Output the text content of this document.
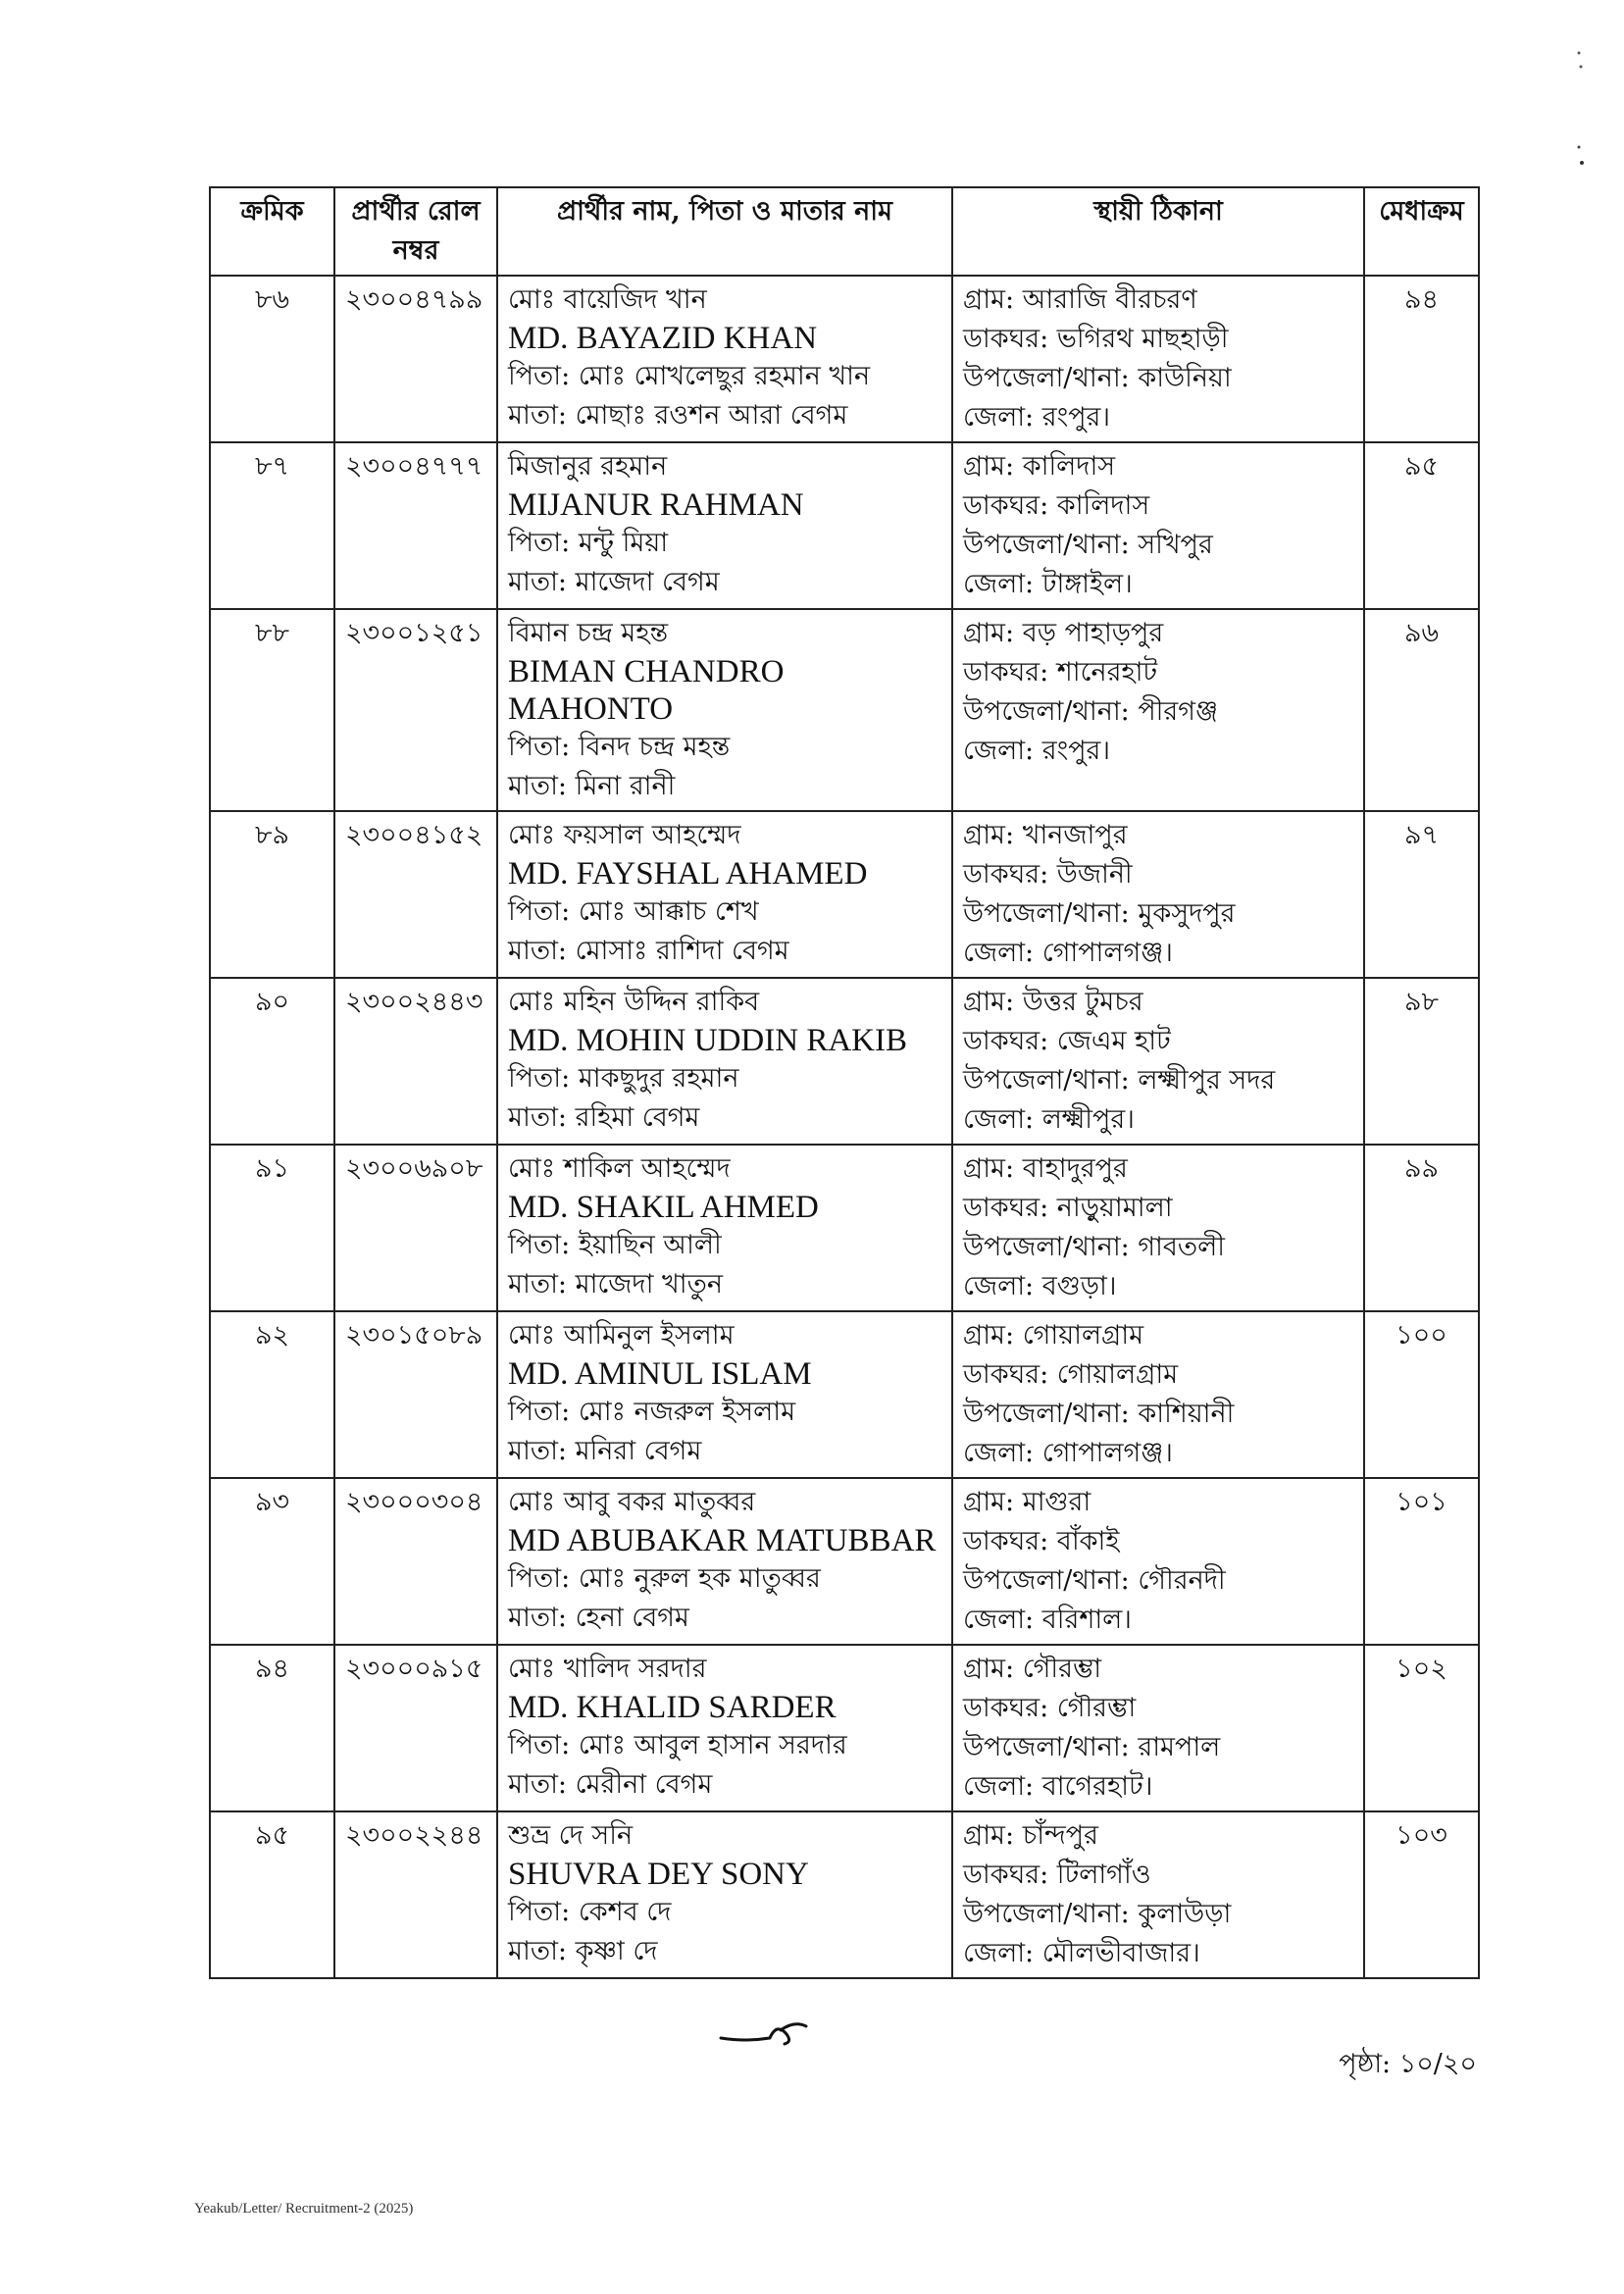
ক্রমিক	প্রার্থীর রোল নম্বর	প্রার্থীর নাম, পিতা ও মাতার নাম	স্থায়ী ঠিকানা	মেধাক্রম

৮৬	২৩০০৪৭৯৯	মোঃ বায়েজিদ খান
MD. BAYAZID KHAN
পিতা: মোঃ মোখলেছুর রহমান খান
মাতা: মোছাঃ রওশন আরা বেগম	গ্রাম: আরাজি বীরচরণ
ডাকঘর: ভগিরথ মাছহাড়ী
উপজেলা/থানা: কাউনিয়া
জেলা: রংপুর।	৯৪

৮৭	২৩০০৪৭৭৭	মিজানুর রহমান
MIJANUR RAHMAN
পিতা: মন্টু মিয়া
মাতা: মাজেদা বেগম	গ্রাম: কালিদাস
ডাকঘর: কালিদাস
উপজেলা/থানা: সখিপুর
জেলা: টাঙ্গাইল।	৯৫

৮৮	২৩০০১২৫১	বিমান চন্দ্র মহন্ত
BIMAN CHANDRO MAHONTO
পিতা: বিনদ চন্দ্র মহন্ত
মাতা: মিনা রানী	গ্রাম: বড় পাহাড়পুর
ডাকঘর: শানেরহাট
উপজেলা/থানা: পীরগঞ্জ
জেলা: রংপুর।	৯৬

৮৯	২৩০০৪১৫২	মোঃ ফয়সাল আহম্মেদ
MD. FAYSHAL AHAMED
পিতা: মোঃ আক্কাচ শেখ
মাতা: মোসাঃ রাশিদা বেগম	গ্রাম: খানজাপুর
ডাকঘর: উজানী
উপজেলা/থানা: মুকসুদপুর
জেলা: গোপালগঞ্জ।	৯৭

৯০	২৩০০২৪৪৩	মোঃ মহিন উদ্দিন রাকিব
MD. MOHIN UDDIN RAKIB
পিতা: মাকছুদুর রহমান
মাতা: রহিমা বেগম	গ্রাম: উত্তর টুমচর
ডাকঘর: জেএম হাট
উপজেলা/থানা: লক্ষ্মীপুর সদর
জেলা: লক্ষ্মীপুর।	৯৮

৯১	২৩০০৬৯০৮	মোঃ শাকিল আহম্মেদ
MD. SHAKIL AHMED
পিতা: ইয়াছিন আলী
মাতা: মাজেদা খাতুন	গ্রাম: বাহাদুরপুর
ডাকঘর: নাড়ুয়ামালা
উপজেলা/থানা: গাবতলী
জেলা: বগুড়া।	৯৯

৯২	২৩০১৫০৮৯	মোঃ আমিনুল ইসলাম
MD. AMINUL ISLAM
পিতা: মোঃ নজরুল ইসলাম
মাতা: মনিরা বেগম	গ্রাম: গোয়ালগ্রাম
ডাকঘর: গোয়ালগ্রাম
উপজেলা/থানা: কাশিয়ানী
জেলা: গোপালগঞ্জ।	১০০

৯৩	২৩০০০৩০৪	মোঃ আবু বকর মাতুব্বর
MD ABUBAKAR MATUBBAR
পিতা: মোঃ নুরুল হক মাতুব্বর
মাতা: হেনা বেগম	গ্রাম: মাগুরা
ডাকঘর: বাঁকাই
উপজেলা/থানা: গৌরনদী
জেলা: বরিশাল।	১০১

৯৪	২৩০০০৯১৫	মোঃ খালিদ সরদার
MD. KHALID SARDER
পিতা: মোঃ আবুল হাসান সরদার
মাতা: মেরীনা বেগম	গ্রাম: গৌরম্ভা
ডাকঘর: গৌরম্ভা
উপজেলা/থানা: রামপাল
জেলা: বাগেরহাট।	১০২

৯৫	২৩০০২২৪৪	শুভ্র দে সনি
SHUVRA DEY SONY
পিতা: কেশব দে
মাতা: কৃষ্ণা দে	গ্রাম: চাঁন্দপুর
ডাকঘর: টিলাগাঁও
উপজেলা/থানা: কুলাউড়া
জেলা: মৌলভীবাজার।	১০৩
পৃষ্ঠা: ১০/২০
Yeakub/Letter/ Recruitment-2 (2025)
